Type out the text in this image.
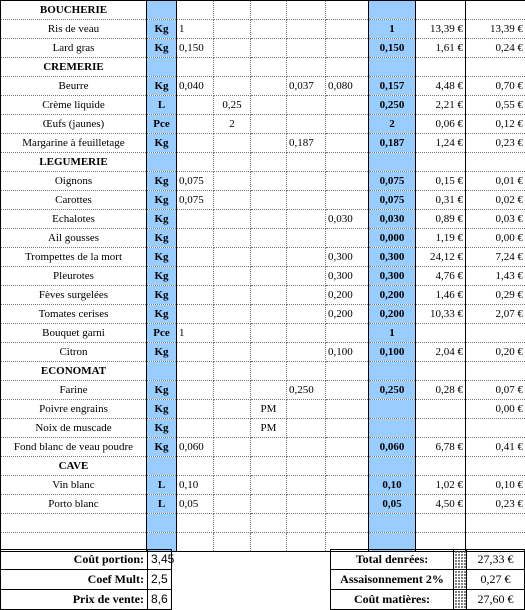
BOUCHERIE									
Ris de veau	Kg	1					1	13,39 €	13,39 €
Lard gras	Kg	0,150					0,150	1,61 €	0,24 €
CREMERIE									
Beurre	Kg	0,040			0,037	0,080	0,157	4,48 €	0,70 €
Crème liquide	L		0,25				0,250	2,21 €	0,55 €
Œufs (jaunes)	Pce		2				2	0,06 €	0,12 €
Margarine à feuilletage	Kg				0,187		0,187	1,24 €	0,23 €
LEGUMERIE									
Oignons	Kg	0,075					0,075	0,15 €	0,01 €
Carottes	Kg	0,075					0,075	0,31 €	0,02 €
Echalotes	Kg					0,030	0,030	0,89 €	0,03 €
Ail gousses	Kg						0,000	1,19 €	0,00 €
Trompettes de la mort	Kg					0,300	0,300	24,12 €	7,24 €
Pleurotes	Kg					0,300	0,300	4,76 €	1,43 €
Fèves surgelées	Kg					0,200	0,200	1,46 €	0,29 €
Tomates cerises	Kg					0,200	0,200	10,33 €	2,07 €
Bouquet garni	Pce	1					1		
Citron	Kg					0,100	0,100	2,04 €	0,20 €
ECONOMAT									
Farine	Kg				0,250		0,250	0,28 €	0,07 €
Poivre engrains	Kg			PM					0,00 €
Noix de muscade	Kg			PM					
Fond blanc de veau poudre	Kg	0,060					0,060	6,78 €	0,41 €
CAVE									
Vin blanc	L	0,10					0,10	1,02 €	0,10 €
Porto blanc	L	0,05					0,05	4,50 €	0,23 €

Coût portion:	3,45
Coef Mult:	2,5
Prix de vente:	8,6
Total denrées:		27,33 €
Assaisonnement 2%		0,27 €
Coût matières:		27,60 €
